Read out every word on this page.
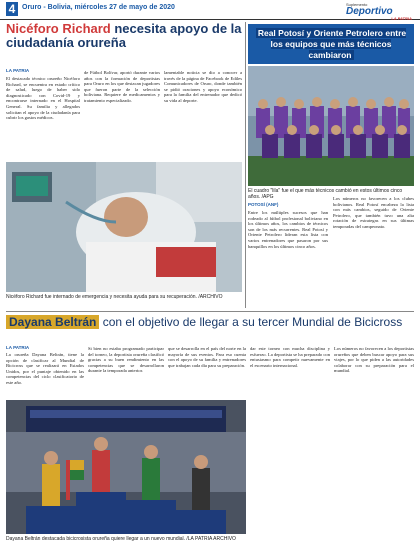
4 Oruro - Bolivia, miércoles 27 de mayo de 2020	Suplemento
Deportivo
LA PATRIA
Nicéforo Richard necesita apoyo de la ciudadanía orureña
LA PATRIA
El destacado técnico orureño Nicéforo Richard, se encuentra en estado crítico de salud, luego de haber sido diagnosticado con Covid-19 y encontrarse internado en el Hospital General. Su familia y allegados solicitan el apoyo de la ciudadanía para cubrir los gastos médicos.
de Fútbol Bolívar, aportó durante varios años con la formación de deportistas para Oruro en los que destacan jugadores que fueron parte de la selección boliviana. Requiere de medicamentos y tratamiento especializado.
lamentable noticia se dio a conocer a través de la página de Facebook de Ediles Comunicadores de Oruro, donde también se pidió oraciones y apoyo económico para la familia del entrenador que dedicó su vida al deporte.
Nicéforo Richard fue internado de emergencia y necesita ayuda para su recuperación. /ARCHIVO
Real Potosí y Oriente Petrolero entre los equipos que más técnicos cambiaron
El cuadro "lila" fue el que más técnicos cambió en estos últimos cinco años. /APG
POTOSÍ (ANF)
Entre los múltiples sucesos que han rodeado al fútbol profesional boliviano en los últimos años, los cambios de técnicos son de los más recurrentes. Real Potosí y Oriente Petrolero lideran esta lista con varios entrenadores que pasaron por sus banquillos en los últimos cinco años.
Los números no favorecen a los clubes bolivianos. Real Potosí encabeza la lista con más cambios, seguido de Oriente Petrolero, que también tuvo una alta rotación de estrategas en sus últimas temporadas del campeonato.
Dayana Beltrán con el objetivo de llegar a su tercer Mundial de Bicicross
LA PATRIA
La orureña Dayana Beltrán, tiene la opción de clasificar al Mundial de Bicicross que se realizará en Estados Unidos, por el puntaje obtenido en las competencias del ciclo clasificatorio de este año.
Si bien no estaba programado participar del torneo, la deportista orureña clasificó gracias a su buen rendimiento en las competencias que se desarrollaron durante la temporada anterior.
que se desarrolla en el país del norte en la mayoría de sus eventos. Para eso cuenta con el apoyo de su familia y entrenadores que trabajan cada día para su preparación.
Dayana Beltrán destacada bicicrosista orureña quiere llegar a un nuevo mundial. /LA PATRIA ARCHIVO
dar este torneo con mucha disciplina y esfuerzo. La deportista se ha preparado con entusiasmo para competir nuevamente en el escenario internacional.
Los números no favorecen a los deportistas orureños que deben buscar apoyo para sus viajes, por lo que piden a las autoridades colaborar con su preparación para el mundial.
